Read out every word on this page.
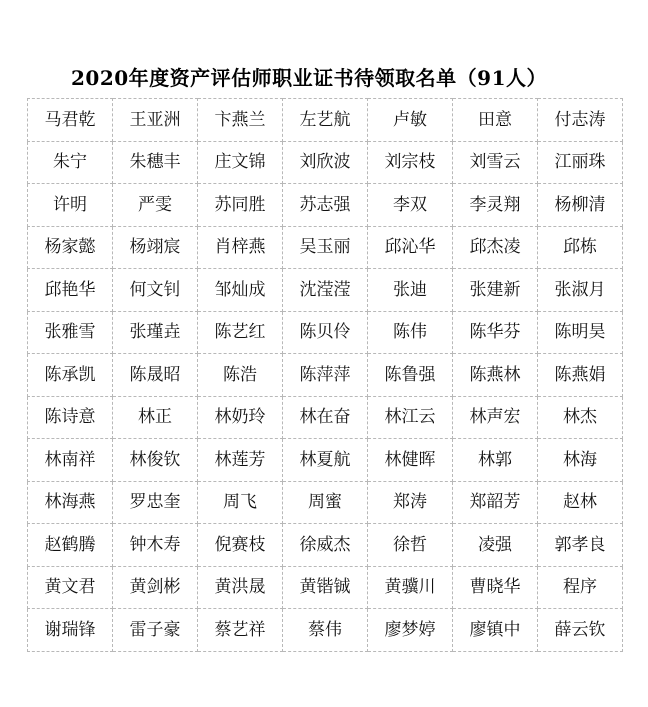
2020年度资产评估师职业证书待领取名单（91人）
马君乾	王亚洲	卞燕兰	左艺航	卢敏	田意	付志涛
朱宁	朱穗丰	庄文锦	刘欣波	刘宗枝	刘雪云	江丽珠
许明	严雯	苏同胜	苏志强	李双	李灵翔	杨柳清
杨家懿	杨翊宸	肖梓燕	吴玉丽	邱沁华	邱杰凌	邱栋
邱艳华	何文钊	邹灿成	沈滢滢	张迪	张建新	张淑月
张雅雪	张瑾垚	陈艺红	陈贝伶	陈伟	陈华芬	陈明昊
陈承凯	陈晟昭	陈浩	陈萍萍	陈鲁强	陈燕林	陈燕娟
陈诗意	林正	林奶玲	林在奋	林江云	林声宏	林杰
林南祥	林俊钦	林莲芳	林夏航	林健晖	林郭	林海
林海燕	罗忠奎	周飞	周蜜	郑涛	郑韶芳	赵林
赵鹤腾	钟木寿	倪赛枝	徐威杰	徐哲	凌强	郭孝良
黄文君	黄剑彬	黄洪晟	黄锴铖	黄骥川	曹晓华	程序
谢瑞锋	雷子豪	蔡艺祥	蔡伟	廖梦婷	廖镇中	薛云钦
